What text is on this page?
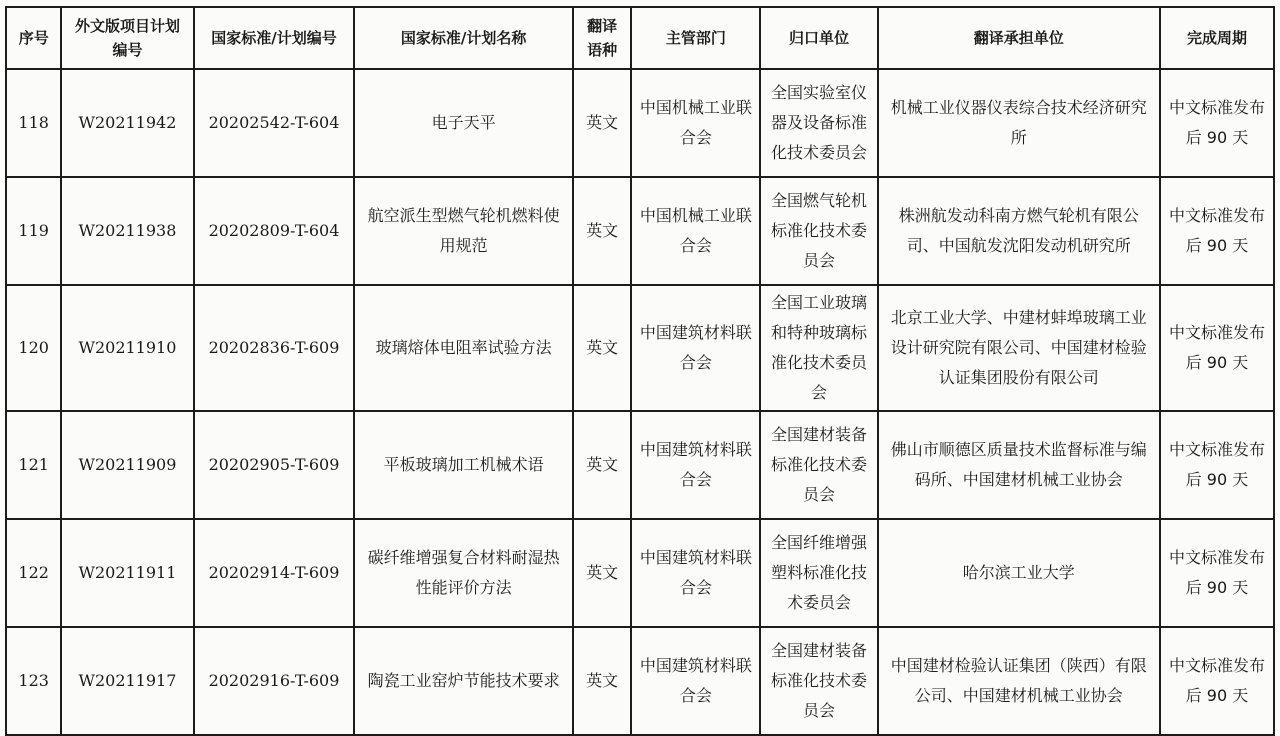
序号	外文版项目计划编号	国家标准/计划编号	国家标准/计划名称	翻译语种	主管部门	归口单位	翻译承担单位	完成周期
118	W20211942	20202542-T-604	电子天平	英文	中国机械工业联合会	全国实验室仪器及设备标准化技术委员会	机械工业仪器仪表综合技术经济研究所	中文标准发布后 90 天
119	W20211938	20202809-T-604	航空派生型燃气轮机燃料使用规范	英文	中国机械工业联合会	全国燃气轮机标准化技术委员会	株洲航发动科南方燃气轮机有限公司、中国航发沈阳发动机研究所	中文标准发布后 90 天
120	W20211910	20202836-T-609	玻璃熔体电阻率试验方法	英文	中国建筑材料联合会	全国工业玻璃和特种玻璃标准化技术委员会	北京工业大学、中建材蚌埠玻璃工业设计研究院有限公司、中国建材检验认证集团股份有限公司	中文标准发布后 90 天
121	W20211909	20202905-T-609	平板玻璃加工机械术语	英文	中国建筑材料联合会	全国建材装备标准化技术委员会	佛山市顺德区质量技术监督标准与编码所、中国建材机械工业协会	中文标准发布后 90 天
122	W20211911	20202914-T-609	碳纤维增强复合材料耐湿热性能评价方法	英文	中国建筑材料联合会	全国纤维增强塑料标准化技术委员会	哈尔滨工业大学	中文标准发布后 90 天
123	W20211917	20202916-T-609	陶瓷工业窑炉节能技术要求	英文	中国建筑材料联合会	全国建材装备标准化技术委员会	中国建材检验认证集团（陕西）有限公司、中国建材机械工业协会	中文标准发布后 90 天
